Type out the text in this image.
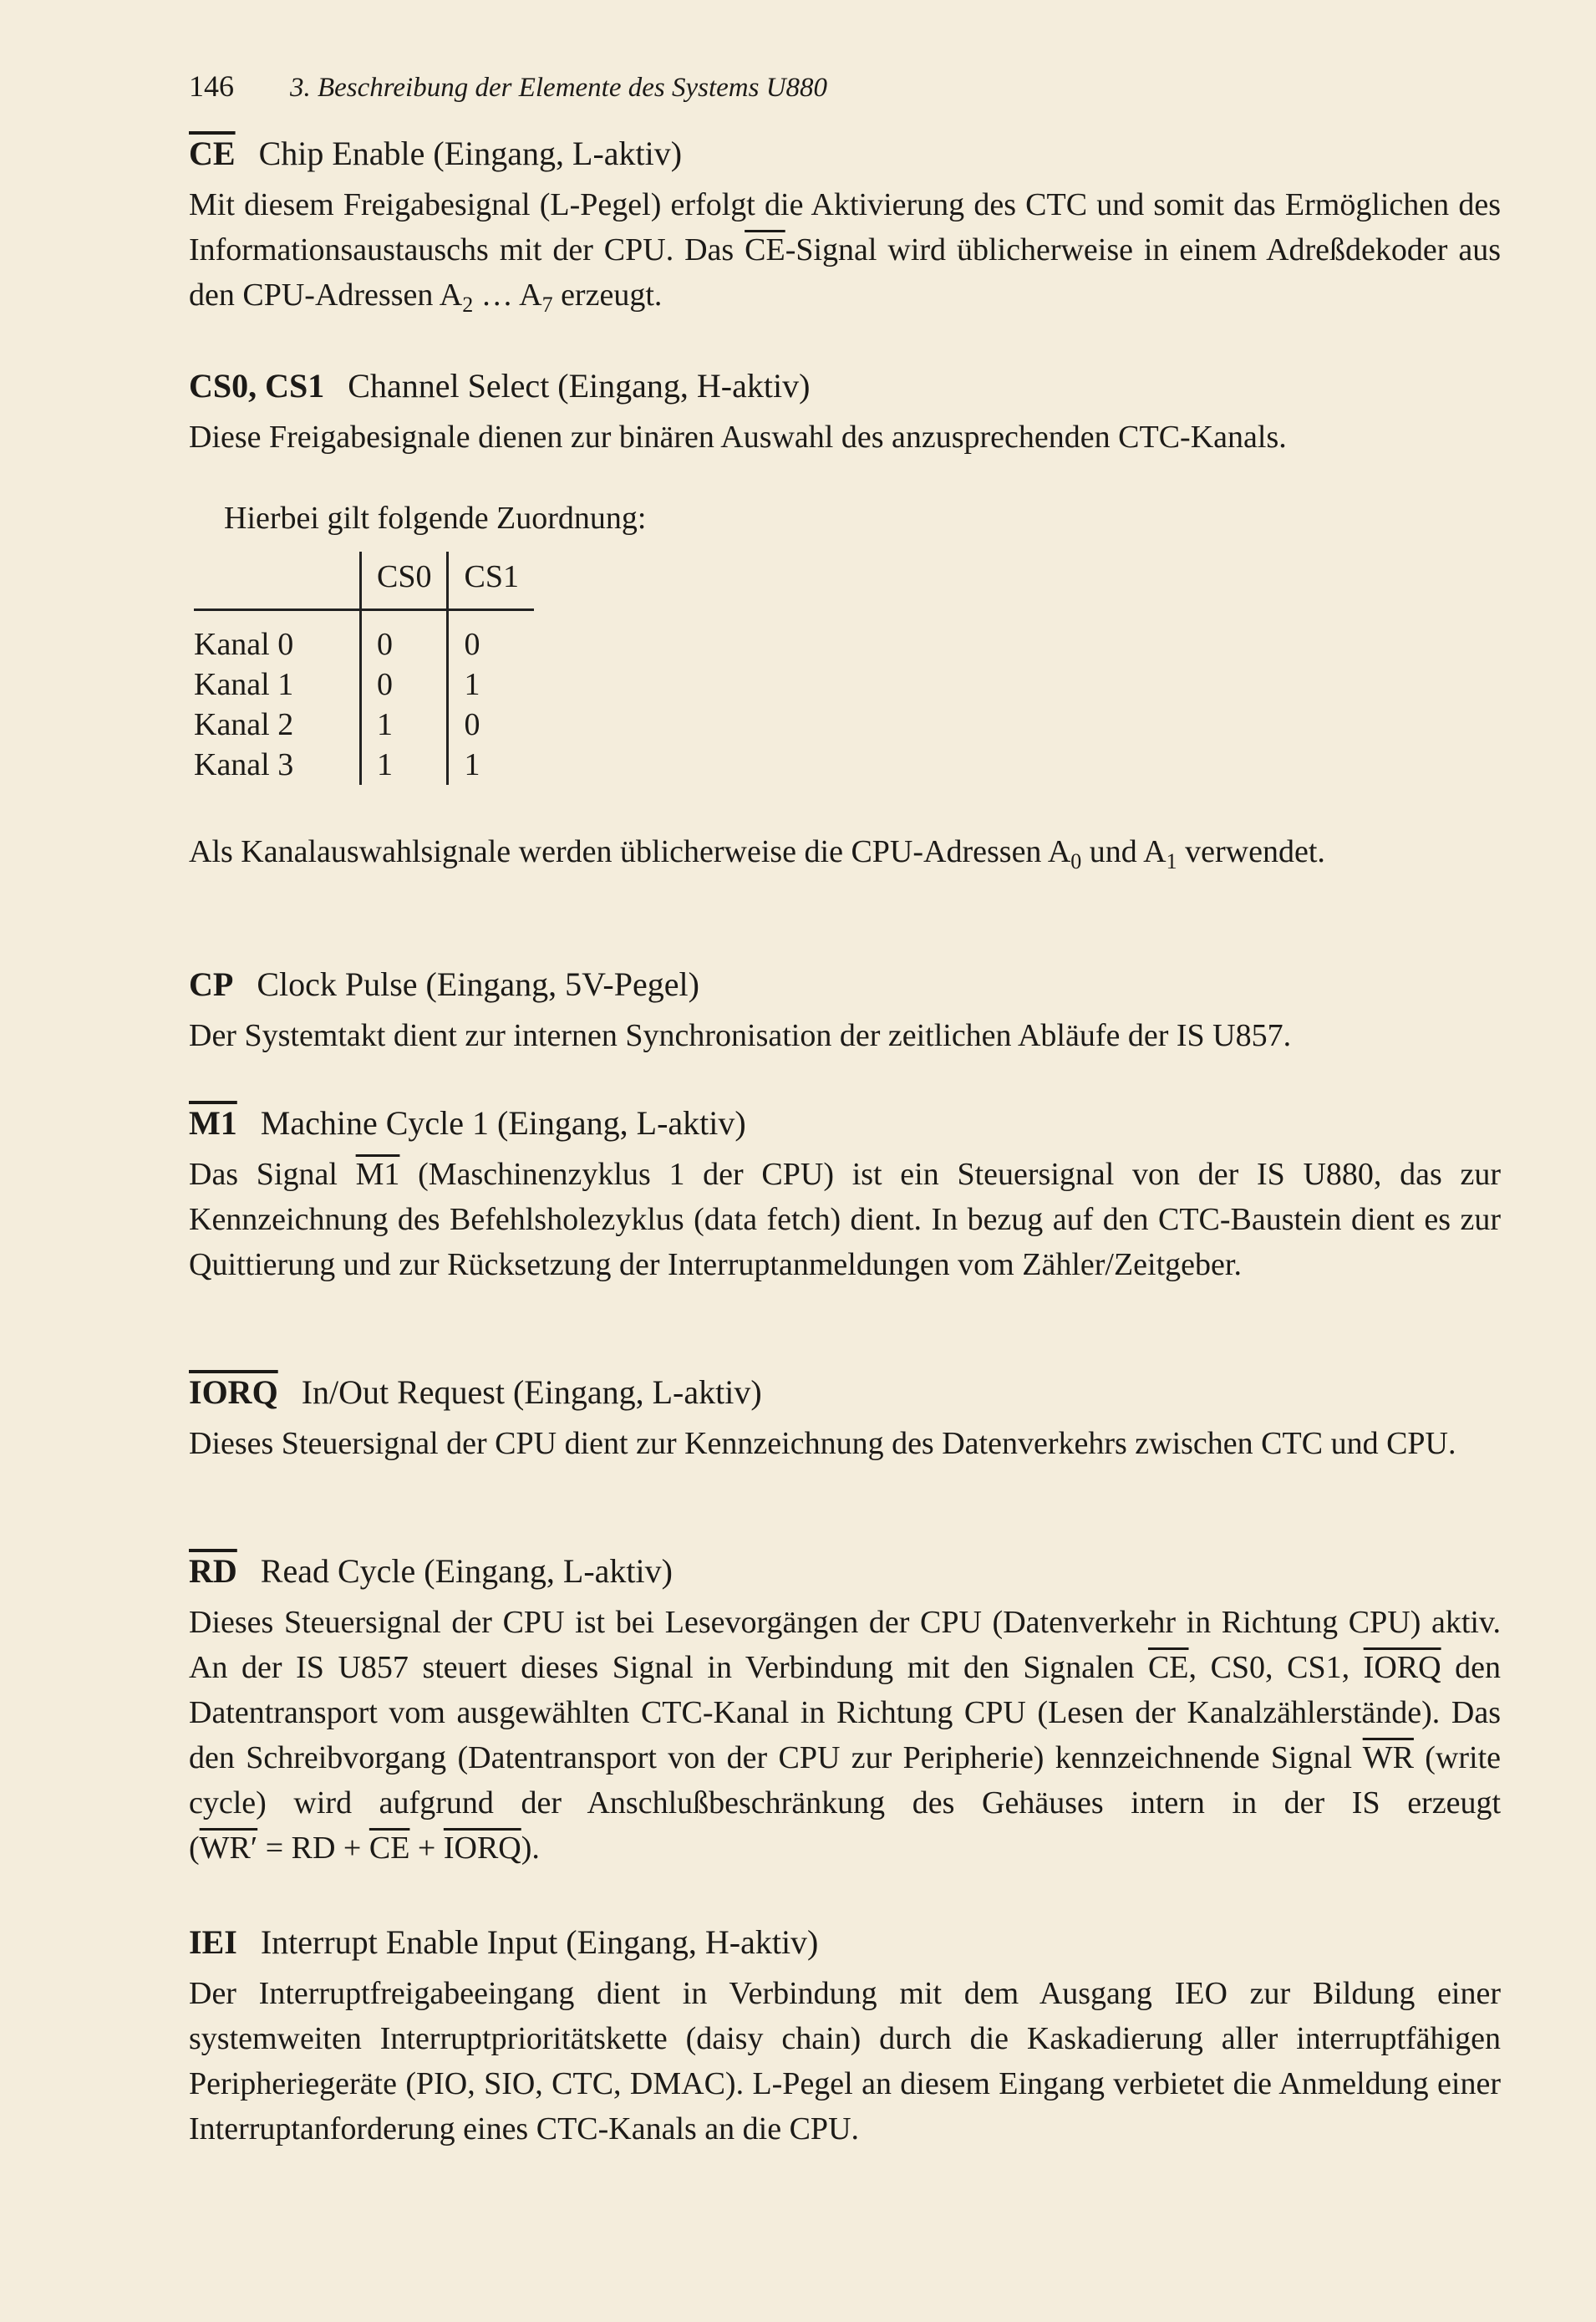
146 3. Beschreibung der Elemente des Systems U880

$\overline{CE}$ Chip Enable (Eingang, L-aktiv)

Mit diesem Freigabesignal (L-Pegel) erfolgt die Aktivierung des CTC und somit das Ermöglichen des Informationsaustauschs mit der CPU. Das $\overline{CE}$-Signal wird üblicherweise in einem Adreßdekoder aus den CPU-Adressen $A_2$ … $A_7$ erzeugt.

CS0, CS1 Channel Select (Eingang, H-aktiv)

Diese Freigabesignale dienen zur binären Auswahl des anzusprechenden CTC-Kanals.

Hierbei gilt folgende Zuordnung:
	CS0	CS1
Kanal 0	0	0
Kanal 1	0	1
Kanal 2	1	0
Kanal 3	1	1

Als Kanalauswahlsignale werden üblicherweise die CPU-Adressen $A_0$ und $A_1$ verwendet.

CP Clock Pulse (Eingang, 5V-Pegel)

Der Systemtakt dient zur internen Synchronisation der zeitlichen Abläufe der IS U857.

M1 Machine Cycle 1 (Eingang, L-aktiv)

Das Signal M1 (Maschinenzyklus 1 der CPU) ist ein Steuersignal von der IS U880, das zur Kennzeichnung des Befehlsholezyklus (data fetch) dient. In bezug auf den CTC-Baustein dient es zur Quittierung und zur Rücksetzung der Interruptanmeldungen vom Zähler/Zeitgeber.

IORQ In/Out Request (Eingang, L-aktiv)

Dieses Steuersignal der CPU dient zur Kennzeichnung des Datenverkehrs zwischen CTC und CPU.

$\overline{RD}$ Read Cycle (Eingang, L-aktiv)

Dieses Steuersignal der CPU ist bei Lesevorgängen der CPU (Datenverkehr in Richtung CPU) aktiv. An der IS U857 steuert dieses Signal in Verbindung mit den Signalen $\overline{CE}$, CS0, CS1, IORQ den Datentransport vom ausgewählten CTC-Kanal in Richtung CPU (Lesen der Kanalzählerstände). Das den Schreibvorgang (Datentransport von der CPU zur Peripherie) kennzeichnende Signal $\overline{WR}$ (write cycle) wird aufgrund der Anschlußbeschränkung des Gehäuses intern in der IS erzeugt (WR′ = RD + $\overline{CE}$ + IORQ).

IEI Interrupt Enable Input (Eingang, H-aktiv)

Der Interruptfreigabeeingang dient in Verbindung mit dem Ausgang IEO zur Bildung einer systemweiten Interruptprioritätskette (daisy chain) durch die Kaskadierung aller interruptfähigen Peripheriegeräte (PIO, SIO, CTC, DMAC). L-Pegel an diesem Eingang verbietet die Anmeldung einer Interruptanforderung eines CTC-Kanals an die CPU.
